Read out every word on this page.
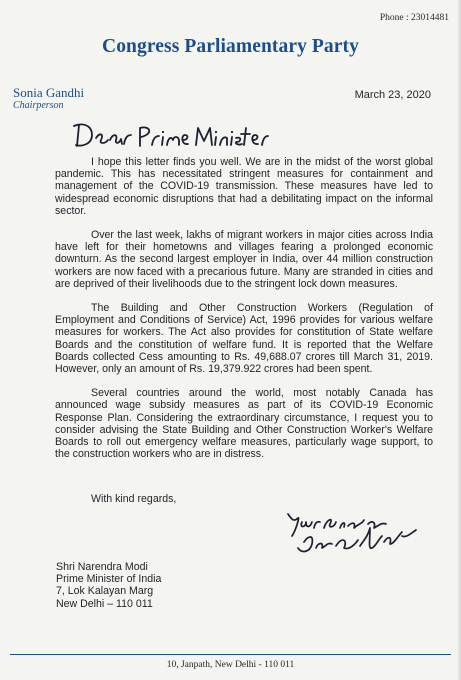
Phone : 23014481
Congress Parliamentary Party
Sonia Gandhi
Chairperson
March 23, 2020

I hope this letter finds you well. We are in the midst of the worst global pandemic. This has necessitated stringent measures for containment and management of the COVID-19 transmission. These measures have led to widespread economic disruptions that had a debilitating impact on the informal sector.

Over the last week, lakhs of migrant workers in major cities across India have left for their hometowns and villages fearing a prolonged economic downturn. As the second largest employer in India, over 44 million construction workers are now faced with a precarious future. Many are stranded in cities and are deprived of their livelihoods due to the stringent lock down measures.

The Building and Other Construction Workers (Regulation of Employment and Conditions of Service) Act, 1996 provides for various welfare measures for workers. The Act also provides for constitution of State welfare Boards and the constitution of welfare fund. It is reported that the Welfare Boards collected Cess amounting to Rs. 49,688.07 crores till March 31, 2019. However, only an amount of Rs. 19,379.922 crores had been spent.

Several countries around the world, most notably Canada has announced wage subsidy measures as part of its COVID-19 Economic Response Plan. Considering the extraordinary circumstance, I request you to consider advising the State Building and Other Construction Worker's Welfare Boards to roll out emergency welfare measures, particularly wage support, to the construction workers who are in distress.

With kind regards,
Shri Narendra Modi
Prime Minister of India
7, Lok Kalayan Marg
New Delhi – 110 011
10, Janpath, New Delhi - 110 011
